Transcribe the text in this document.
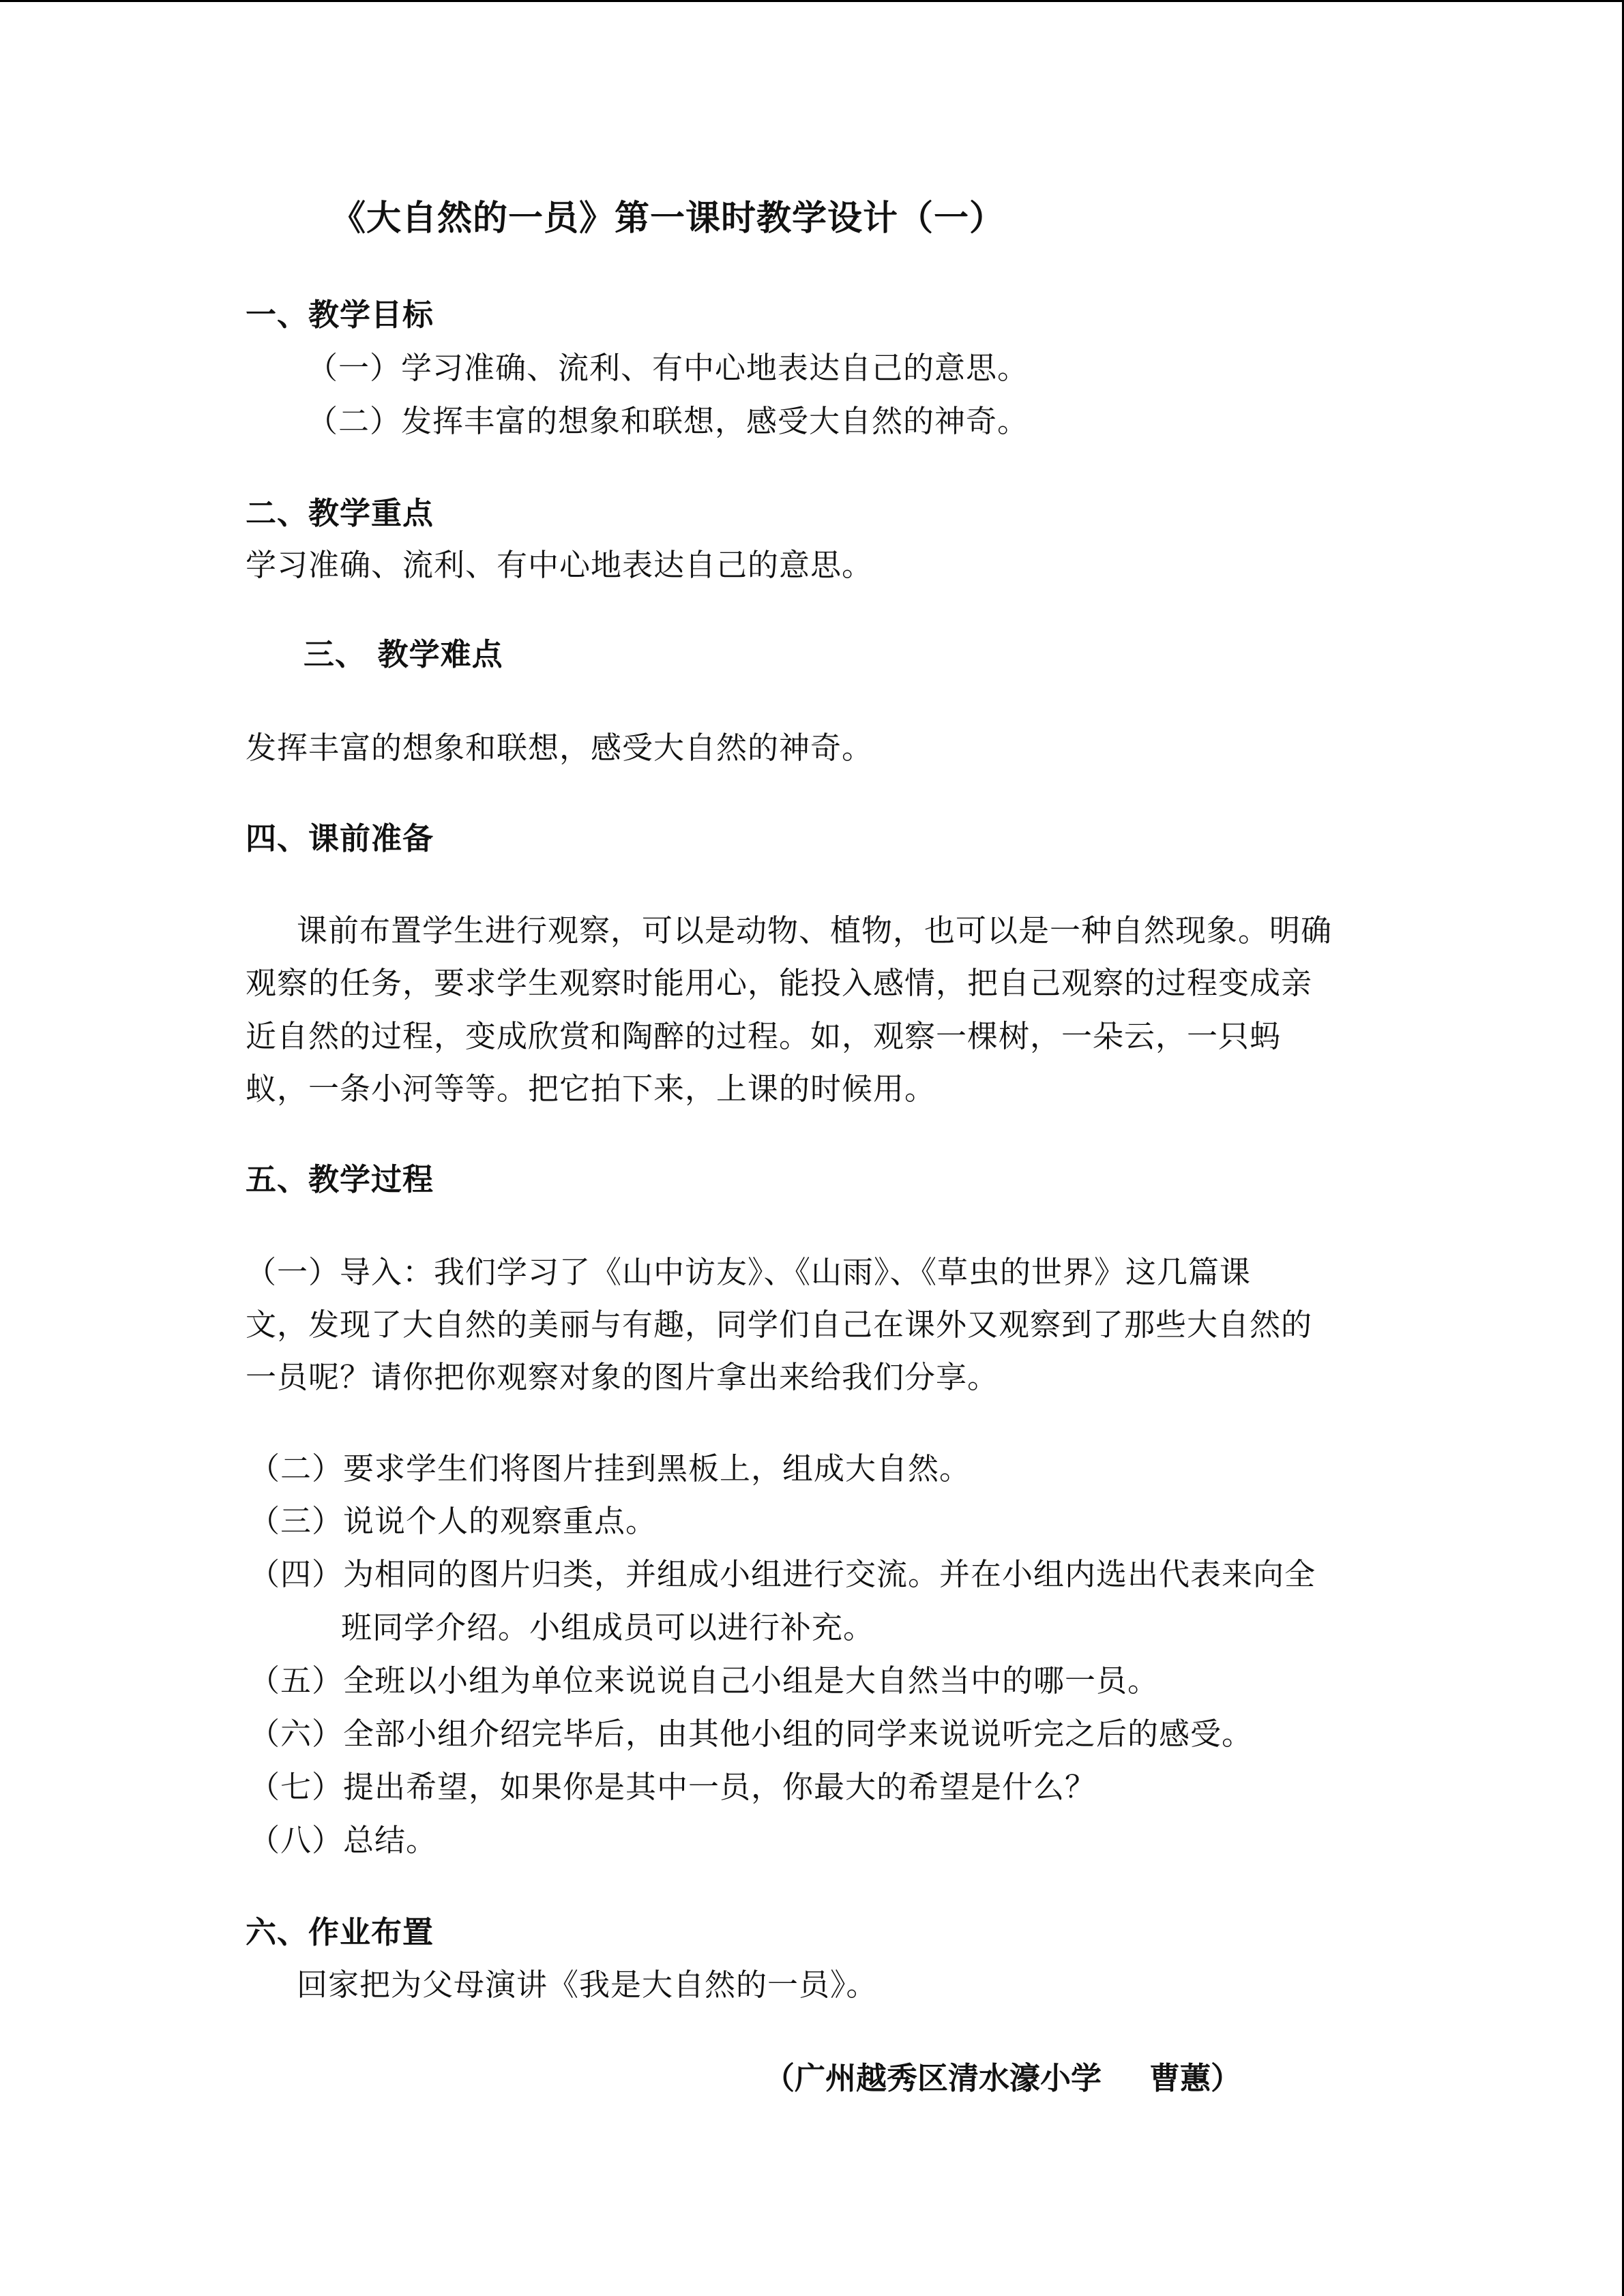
《大自然的一员》第一课时教学设计（一）
一、教学目标
（一）学习准确、流利、有中心地表达自己的意思。
（二）发挥丰富的想象和联想，感受大自然的神奇。
二、教学重点
学习准确、流利、有中心地表达自己的意思。
三、 教学难点
发挥丰富的想象和联想，感受大自然的神奇。
四、课前准备
课前布置学生进行观察，可以是动物、植物，也可以是一种自然现象。明确
观察的任务，要求学生观察时能用心，能投入感情，把自己观察的过程变成亲
近自然的过程，变成欣赏和陶醉的过程。如，观察一棵树，一朵云，一只蚂
蚁，一条小河等等。把它拍下来，上课的时候用。
五、教学过程
（一）导入：我们学习了《山中访友》、《山雨》、《草虫的世界》这几篇课
文，发现了大自然的美丽与有趣，同学们自己在课外又观察到了那些大自然的
一员呢？请你把你观察对象的图片拿出来给我们分享。
（二）要求学生们将图片挂到黑板上，组成大自然。
（三）说说个人的观察重点。
（四）为相同的图片归类，并组成小组进行交流。并在小组内选出代表来向全
班同学介绍。小组成员可以进行补充。
（五）全班以小组为单位来说说自己小组是大自然当中的哪一员。
（六）全部小组介绍完毕后，由其他小组的同学来说说听完之后的感受。
（七）提出希望，如果你是其中一员，你最大的希望是什么？
（八）总结。
六、作业布置
回家把为父母演讲《我是大自然的一员》。
（广州越秀区清水濠小学 曹蕙）
